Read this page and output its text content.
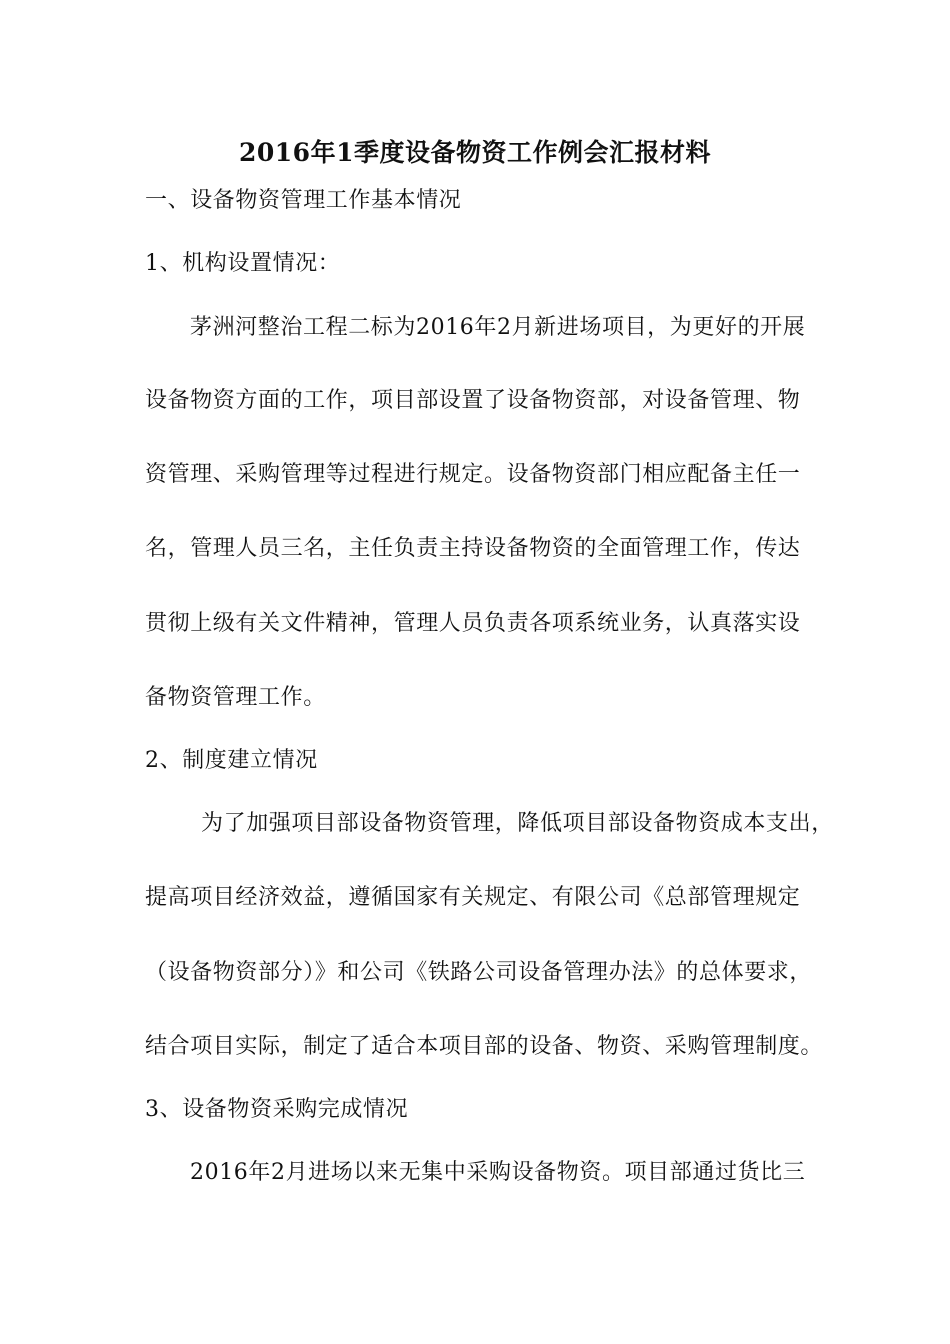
2016年1季度设备物资工作例会汇报材料
一、设备物资管理工作基本情况
1、机构设置情况：
茅洲河整治工程二标为2016年2月新进场项目，为更好的开展
设备物资方面的工作，项目部设置了设备物资部，对设备管理、物
资管理、采购管理等过程进行规定。设备物资部门相应配备主任一
名，管理人员三名，主任负责主持设备物资的全面管理工作，传达
贯彻上级有关文件精神，管理人员负责各项系统业务，认真落实设
备物资管理工作。
2、制度建立情况
为了加强项目部设备物资管理，降低项目部设备物资成本支出，
提高项目经济效益，遵循国家有关规定、有限公司《总部管理规定
（设备物资部分）》和公司《铁路公司设备管理办法》的总体要求，
结合项目实际，制定了适合本项目部的设备、物资、采购管理制度。
3、设备物资采购完成情况
2016年2月进场以来无集中采购设备物资。项目部通过货比三
